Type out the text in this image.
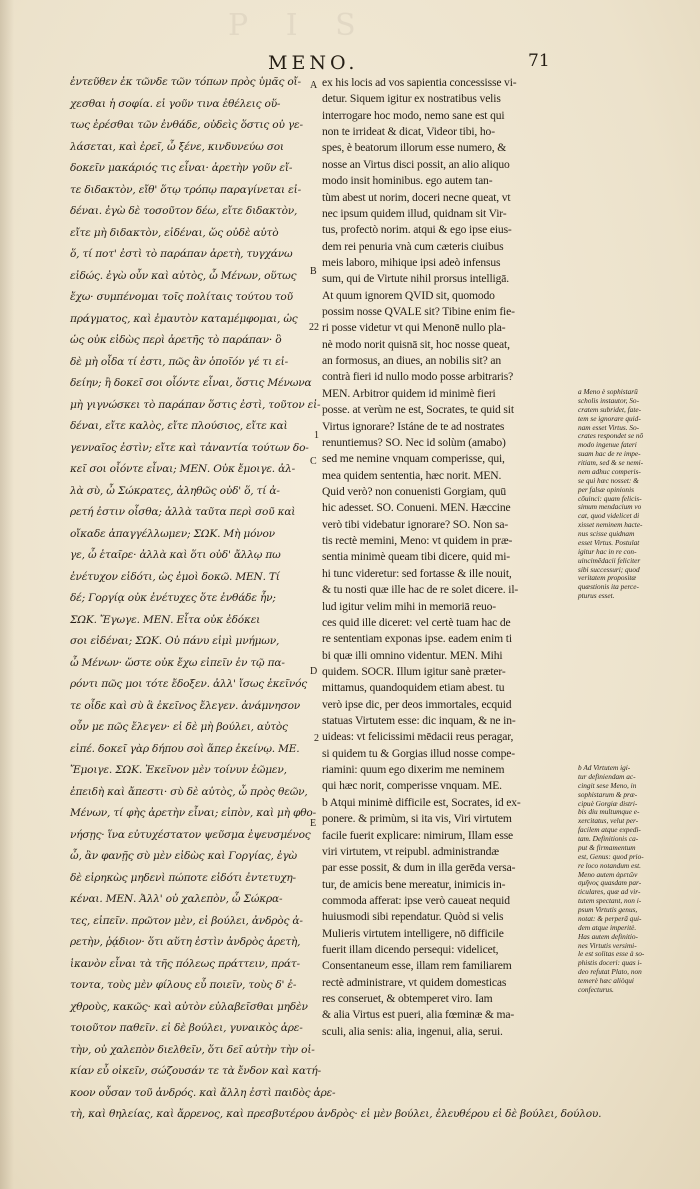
P I S
MENO.	71
ἐντεῦθεν ἐκ τῶνδε τῶν τόπων πρὸς ὑμᾶς οἴ-
χεσθαι ἡ σοφία. εἰ γοῦν τινα ἐθέλεις οὕ-
τως ἐρέσθαι τῶν ἐνθάδε, οὐδεὶς ὅστις οὐ γε-
λάσεται, καὶ ἐρεῖ, ὦ ξένε, κινδυνεύω σοι
δοκεῖν μακάριός τις εἶναι· ἀρετὴν γοῦν εἴ-
τε διδακτὸν, εἴθ' ὅτῳ τρόπῳ παραγίνεται εἰ-
δέναι. ἐγὼ δὲ τοσοῦτον δέω, εἴτε διδακτὸν,
εἴτε μὴ διδακτὸν, εἰδέναι, ὥς οὐδὲ αὐτὸ
ὅ, τί ποτ' ἐστὶ τὸ παράπαν ἀρετὴ, τυγχάνω
εἰδώς. ἐγὼ οὖν καὶ αὐτὸς, ὦ Μένων, οὕτως
ἔχω· συμπένομαι τοῖς πολίταις τούτου τοῦ
πράγματος, καὶ ἐμαυτὸν καταμέμφομαι, ὡς
ὡς οὐκ εἰδὼς περὶ ἀρετῆς τὸ παράπαν· ὃ
δὲ μὴ οἶδα τί ἐστι, πῶς ἂν ὁποῖόν γέ τι εἰ-
δείην; ἢ δοκεῖ σοι οἷόντε εἶναι, ὅστις Μένωνα
μὴ γιγνώσκει τὸ παράπαν ὅστις ἐστὶ, τοῦτον εἰ-
δέναι, εἴτε καλὸς, εἴτε πλούσιος, εἴτε καὶ
γενναῖος ἐστὶν; εἴτε καὶ τἀναντία τούτων δο-
κεῖ σοι οἷόντε εἶναι; ΜΕΝ. Οὐκ ἔμοιγε. ἀλ-
λὰ σὺ, ὦ Σώκρατες, ἀληθῶς οὐδ' ὅ, τί ἀ-
ρετή ἐστιν οἶσθα; ἀλλὰ ταῦτα περὶ σοῦ καὶ
οἴκαδε ἀπαγγέλλωμεν; ΣΩΚ. Μὴ μόνον
γε, ὦ ἑταῖρε· ἀλλὰ καὶ ὅτι οὐδ' ἄλλῳ πω
ἐνέτυχον εἰδότι, ὡς ἐμοὶ δοκῶ. ΜΕΝ. Τί
δέ; Γοργίᾳ οὐκ ἐνέτυχες ὅτε ἐνθάδε ἦν;
ΣΩΚ. Ἔγωγε. ΜΕΝ. Εἶτα οὐκ ἐδόκει
σοι εἰδέναι; ΣΩΚ. Οὐ πάνυ εἰμὶ μνήμων,
ὦ Μένων· ὥστε οὐκ ἔχω εἰπεῖν ἐν τῷ πα-
ρόντι πῶς μοι τότε ἔδοξεν. ἀλλ' ἴσως ἐκεῖνός
τε οἶδε καὶ σὺ ἃ ἐκεῖνος ἔλεγεν. ἀνάμνησον
οὖν με πῶς ἔλεγεν· εἰ δὲ μὴ βούλει, αὐτὸς
εἰπέ. δοκεῖ γὰρ δήπου σοὶ ἅπερ ἐκείνῳ. ΜΕ.
Ἔμοιγε. ΣΩΚ. Ἐκεῖνον μὲν τοίνυν ἐῶμεν,
ἐπειδὴ καὶ ἄπεστι· σὺ δὲ αὐτὸς, ὦ πρὸς θεῶν,
Μένων, τί φὴς ἀρετὴν εἶναι; εἰπὸν, καὶ μὴ φθο-
νήσῃς· ἵνα εὐτυχέστατον ψεῦσμα ἐψευσμένος
ὦ, ἂν φανῇς σὺ μὲν εἰδὼς καὶ Γοργίας, ἐγὼ
δὲ εἰρηκὼς μηδενὶ πώποτε εἰδότι ἐντετυχη-
κέναι. ΜΕΝ. Ἀλλ' οὐ χαλεπὸν, ὦ Σώκρα-
τες, εἰπεῖν. πρῶτον μὲν, εἰ βούλει, ἀνδρὸς ἀ-
ρετὴν, ῥᾴδιον· ὅτι αὕτη ἐστὶν ἀνδρὸς ἀρετὴ,
ἱκανὸν εἶναι τὰ τῆς πόλεως πράττειν, πράτ-
τοντα, τοὺς μὲν φίλους εὖ ποιεῖν, τοὺς δ' ἐ-
χθροὺς, κακῶς· καὶ αὐτὸν εὐλαβεῖσθαι μηδὲν
τοιοῦτον παθεῖν. εἰ δὲ βούλει, γυναικὸς ἀρε-
τὴν, οὐ χαλεπὸν διελθεῖν, ὅτι δεῖ αὐτὴν τὴν οἰ-
κίαν εὖ οἰκεῖν, σώζουσάν τε τὰ ἔνδον καὶ κατή-
κοον οὖσαν τοῦ ἀνδρός. καὶ ἄλλη ἐστὶ παιδὸς ἀρε-
τὴ, καὶ θηλείας, καὶ ἄρρενος, καὶ πρεσβυτέρου ἀνδρὸς· εἰ μὲν βούλει, ἐλευθέρου εἰ δὲ βούλει, δούλου.
ex his locis ad vos sapientia concessisse vi-
detur. Siquem igitur ex nostratibus velis
interrogare hoc modo, nemo sane est qui
non te irrideat & dicat, Videor tibi, ho-
spes, è beatorum illorum esse numero, &
nosse an Virtus disci possit, an alio aliquo
modo insit hominibus. ego autem tan-
tùm abest ut norim, doceri necne queat, vt
nec ipsum quidem illud, quidnam sit Vir-
tus, profectò norim. atqui & ego ipse eius-
dem rei penuria vnà cum cæteris ciuibus
meis laboro, mihique ipsi adeò infensus
sum, qui de Virtute nihil prorsus intelligā.
At quum ignorem QVID sit, quomodo
possim nosse QVALE sit? Tibine enim fie-
ri posse videtur vt qui Menonē nullo pla-
nè modo norit quisnā sit, hoc nosse queat,
an formosus, an diues, an nobilis sit? an
contrà fieri id nullo modo posse arbitraris?
MEN. Arbitror quidem id minimè fieri
posse. at verùm ne est, Socrates, te quid sit
Virtus ignorare? Istáne de te ad nostrates
renuntiemus? SO. Nec id solùm (amabo)
sed me nemine vnquam comperisse, qui,
mea quidem sententia, hæc norit. MEN.
Quid verò? non conuenisti Gorgiam, quū
hic adesset. SO. Conueni. MEN. Hæccine
verò tibi videbatur ignorare? SO. Non sa-
tis rectè memini, Meno: vt quidem in præ-
sentia minimè queam tibi dicere, quid mi-
hi tunc videretur: sed fortasse & ille nouit,
& tu nosti quæ ille hac de re solet dicere. il-
lud igitur velim mihi in memoriā reuo-
ces quid ille diceret: vel certè tuam hac de
re sententiam exponas ipse. eadem enim ti
bi quæ illi omnino videntur. MEN. Mihi
quidem. SOCR. Illum igitur sanè præter-
mittamus, quandoquidem etiam abest. tu
verò ipse dic, per deos immortales, ecquid
statuas Virtutem esse: dic inquam, & ne in-
uideas: vt felicissimi mēdacii reus peragar,
si quidem tu & Gorgias illud nosse compe-
riamini: quum ego dixerim me neminem
qui hæc norit, comperisse vnquam. ME.
b Atqui minimè difficile est, Socrates, id ex-
ponere. & primùm, si ita vis, Viri virtutem
facile fuerit explicare: nimirum, Illam esse
viri virtutem, vt reipubl. administrandæ
par esse possit, & dum in illa gerēda versa-
tur, de amicis bene mereatur, inimicis in-
commoda afferat: ipse verò caueat nequid
huiusmodi sibi rependatur. Quòd si velis
Mulieris virtutem intelligere, nō difficile
fuerit illam dicendo persequi: videlicet,
Consentaneum esse, illam rem familiarem
rectè administrare, vt quidem domesticas
res conseruet, & obtemperet viro. Iam
& alia Virtus est pueri, alia fœminæ & ma-
sculi, alia senis: alia, ingenui, alia, serui.
A
B
C
D
E
22
1
2
a Meno è sophistarū
scholis instautor, So-
cratem subridet, fate-
tem se ignorare quid-
nam esset Virtus. So-
crates respondet se nō
modo ingenue fateri
suam hac de re impe-
ritiam, sed & se nemi-
nem adhuc comperis-
se qui hæc nosset: &
per falsæ opinionis
cōuinci: quam felicis-
simum mendacium vo
cat, quod videlicet di
xisset neminem hacte-
nus scisse quidnam
esset Virtus. Postulat
igitur hac in re con-
uincimēdacii feliciter
sibi successuri; quod
veritatem propositæ
quæstionis ita perce-
pturus esset.
b Ad Virtutem igi-
tur definiendam ac-
cingit sese Meno, in
sophistarum & præ-
cipuè Gorgiæ distri-
bis diu multumque e-
xercitatus, velut per-
facilem atque expedi-
tam. Definitionis ca-
put & firmamentum
est, Genus: quod prio-
re loco notandum est.
Meno autem ἀρετῶν
σμῆνος quasdam par-
ticulares, quæ ad vir-
tutem spectant, non i-
psum Virtutis genus,
notat: & perperā qui-
dem atque imperitè.
Has autem definitio-
nes Virtutis versimi-
le est solitas esse à so-
phistis doceri: quas i-
deo refutat Plato, non
temerè hæc aliòqui
confecturus.
